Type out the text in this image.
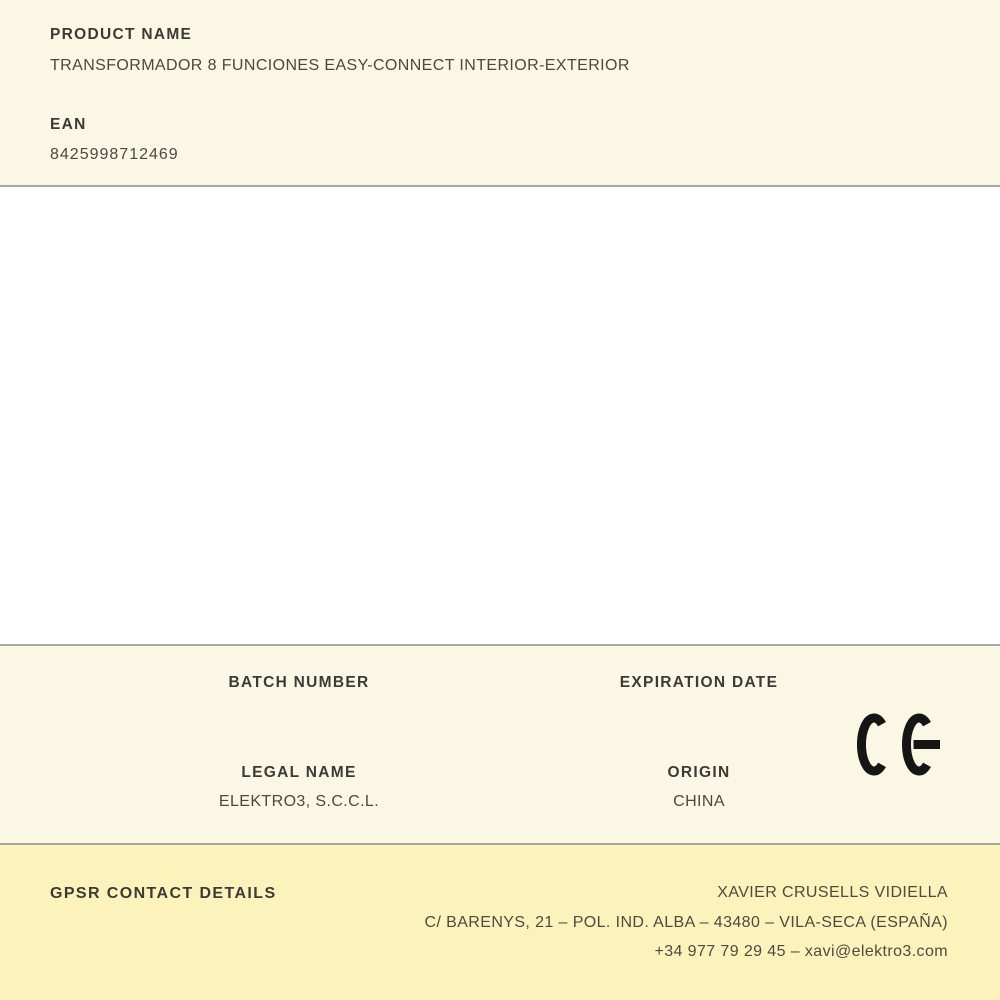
PRODUCT NAME
TRANSFORMADOR 8 FUNCIONES EASY-CONNECT INTERIOR-EXTERIOR
EAN
8425998712469
BATCH NUMBER	EXPIRATION DATE
LEGAL NAME
ELEKTRO3, S.C.C.L.
ORIGIN
CHINA
GPSR CONTACT DETAILS	XAVIER CRUSELLS VIDIELLA
C/ BARENYS, 21 – POL. IND. ALBA – 43480 – VILA-SECA (ESPAÑA)
+34 977 79 29 45 – xavi@elektro3.com
